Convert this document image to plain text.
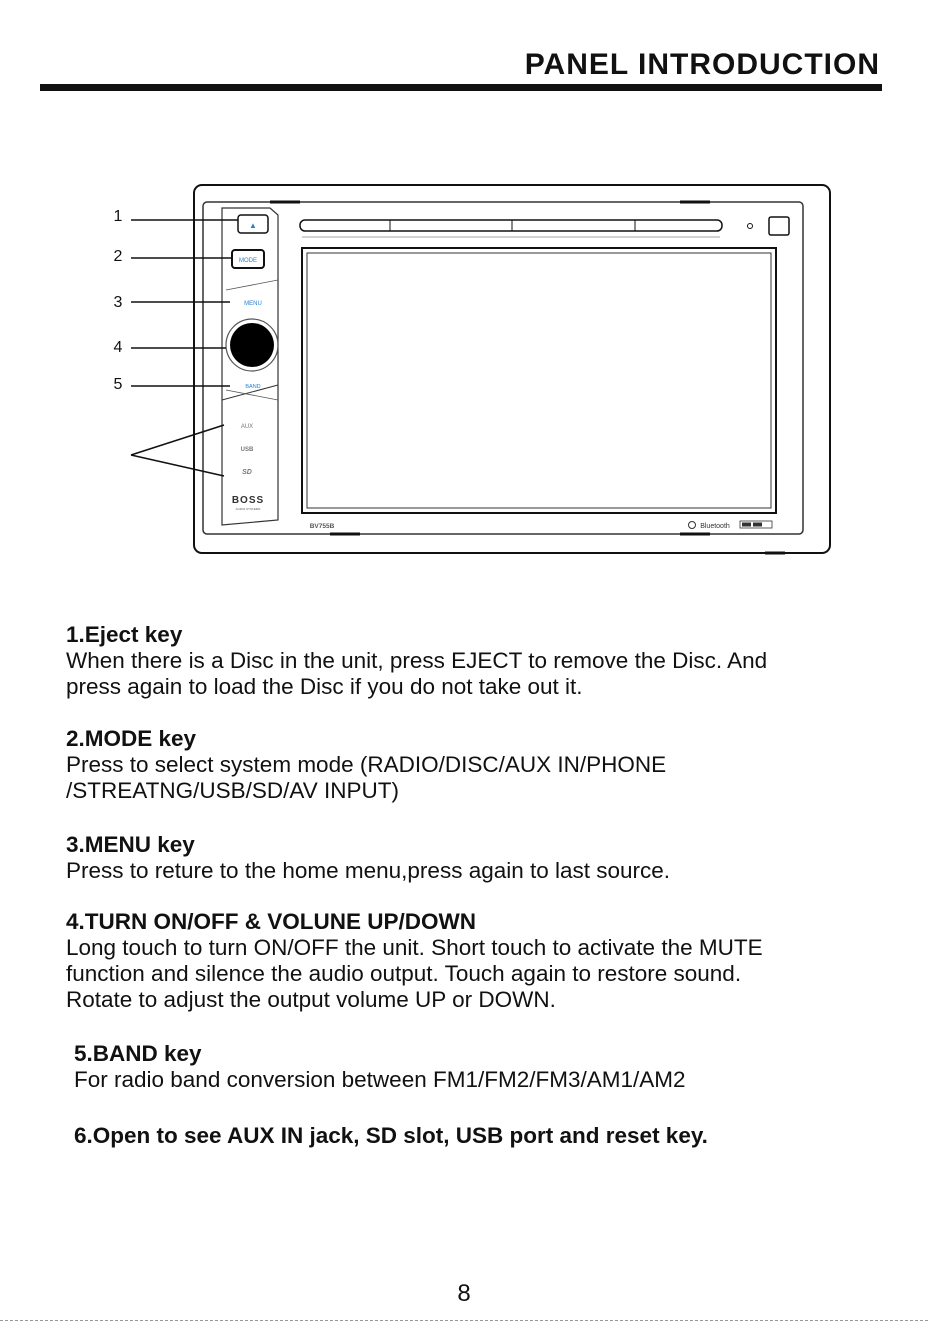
PANEL INTRODUCTION
▲
MODE
MENU
BAND
AUX
USB
SD
BOSS
AUDIO SYSTEMS
BV755B	Bluetooth
1
2
3
4
5
1.Eject key

When there is a Disc in the unit, press EJECT to remove the Disc. And

press again to load the Disc if you do not take out it.

2.MODE key

Press to select system mode (RADIO/DISC/AUX IN/PHONE

/STREATNG/USB/SD/AV INPUT)

3.MENU key

Press to reture to the home menu,press again to last source.

4.TURN ON/OFF & VOLUNE UP/DOWN

Long touch to turn ON/OFF the unit. Short touch to activate the MUTE

function and silence the audio output. Touch again to restore sound.

Rotate to adjust the output volume UP or DOWN.

5.BAND key

For radio band conversion between FM1/FM2/FM3/AM1/AM2

6.Open to see AUX IN jack, SD slot, USB port and reset key.
8
